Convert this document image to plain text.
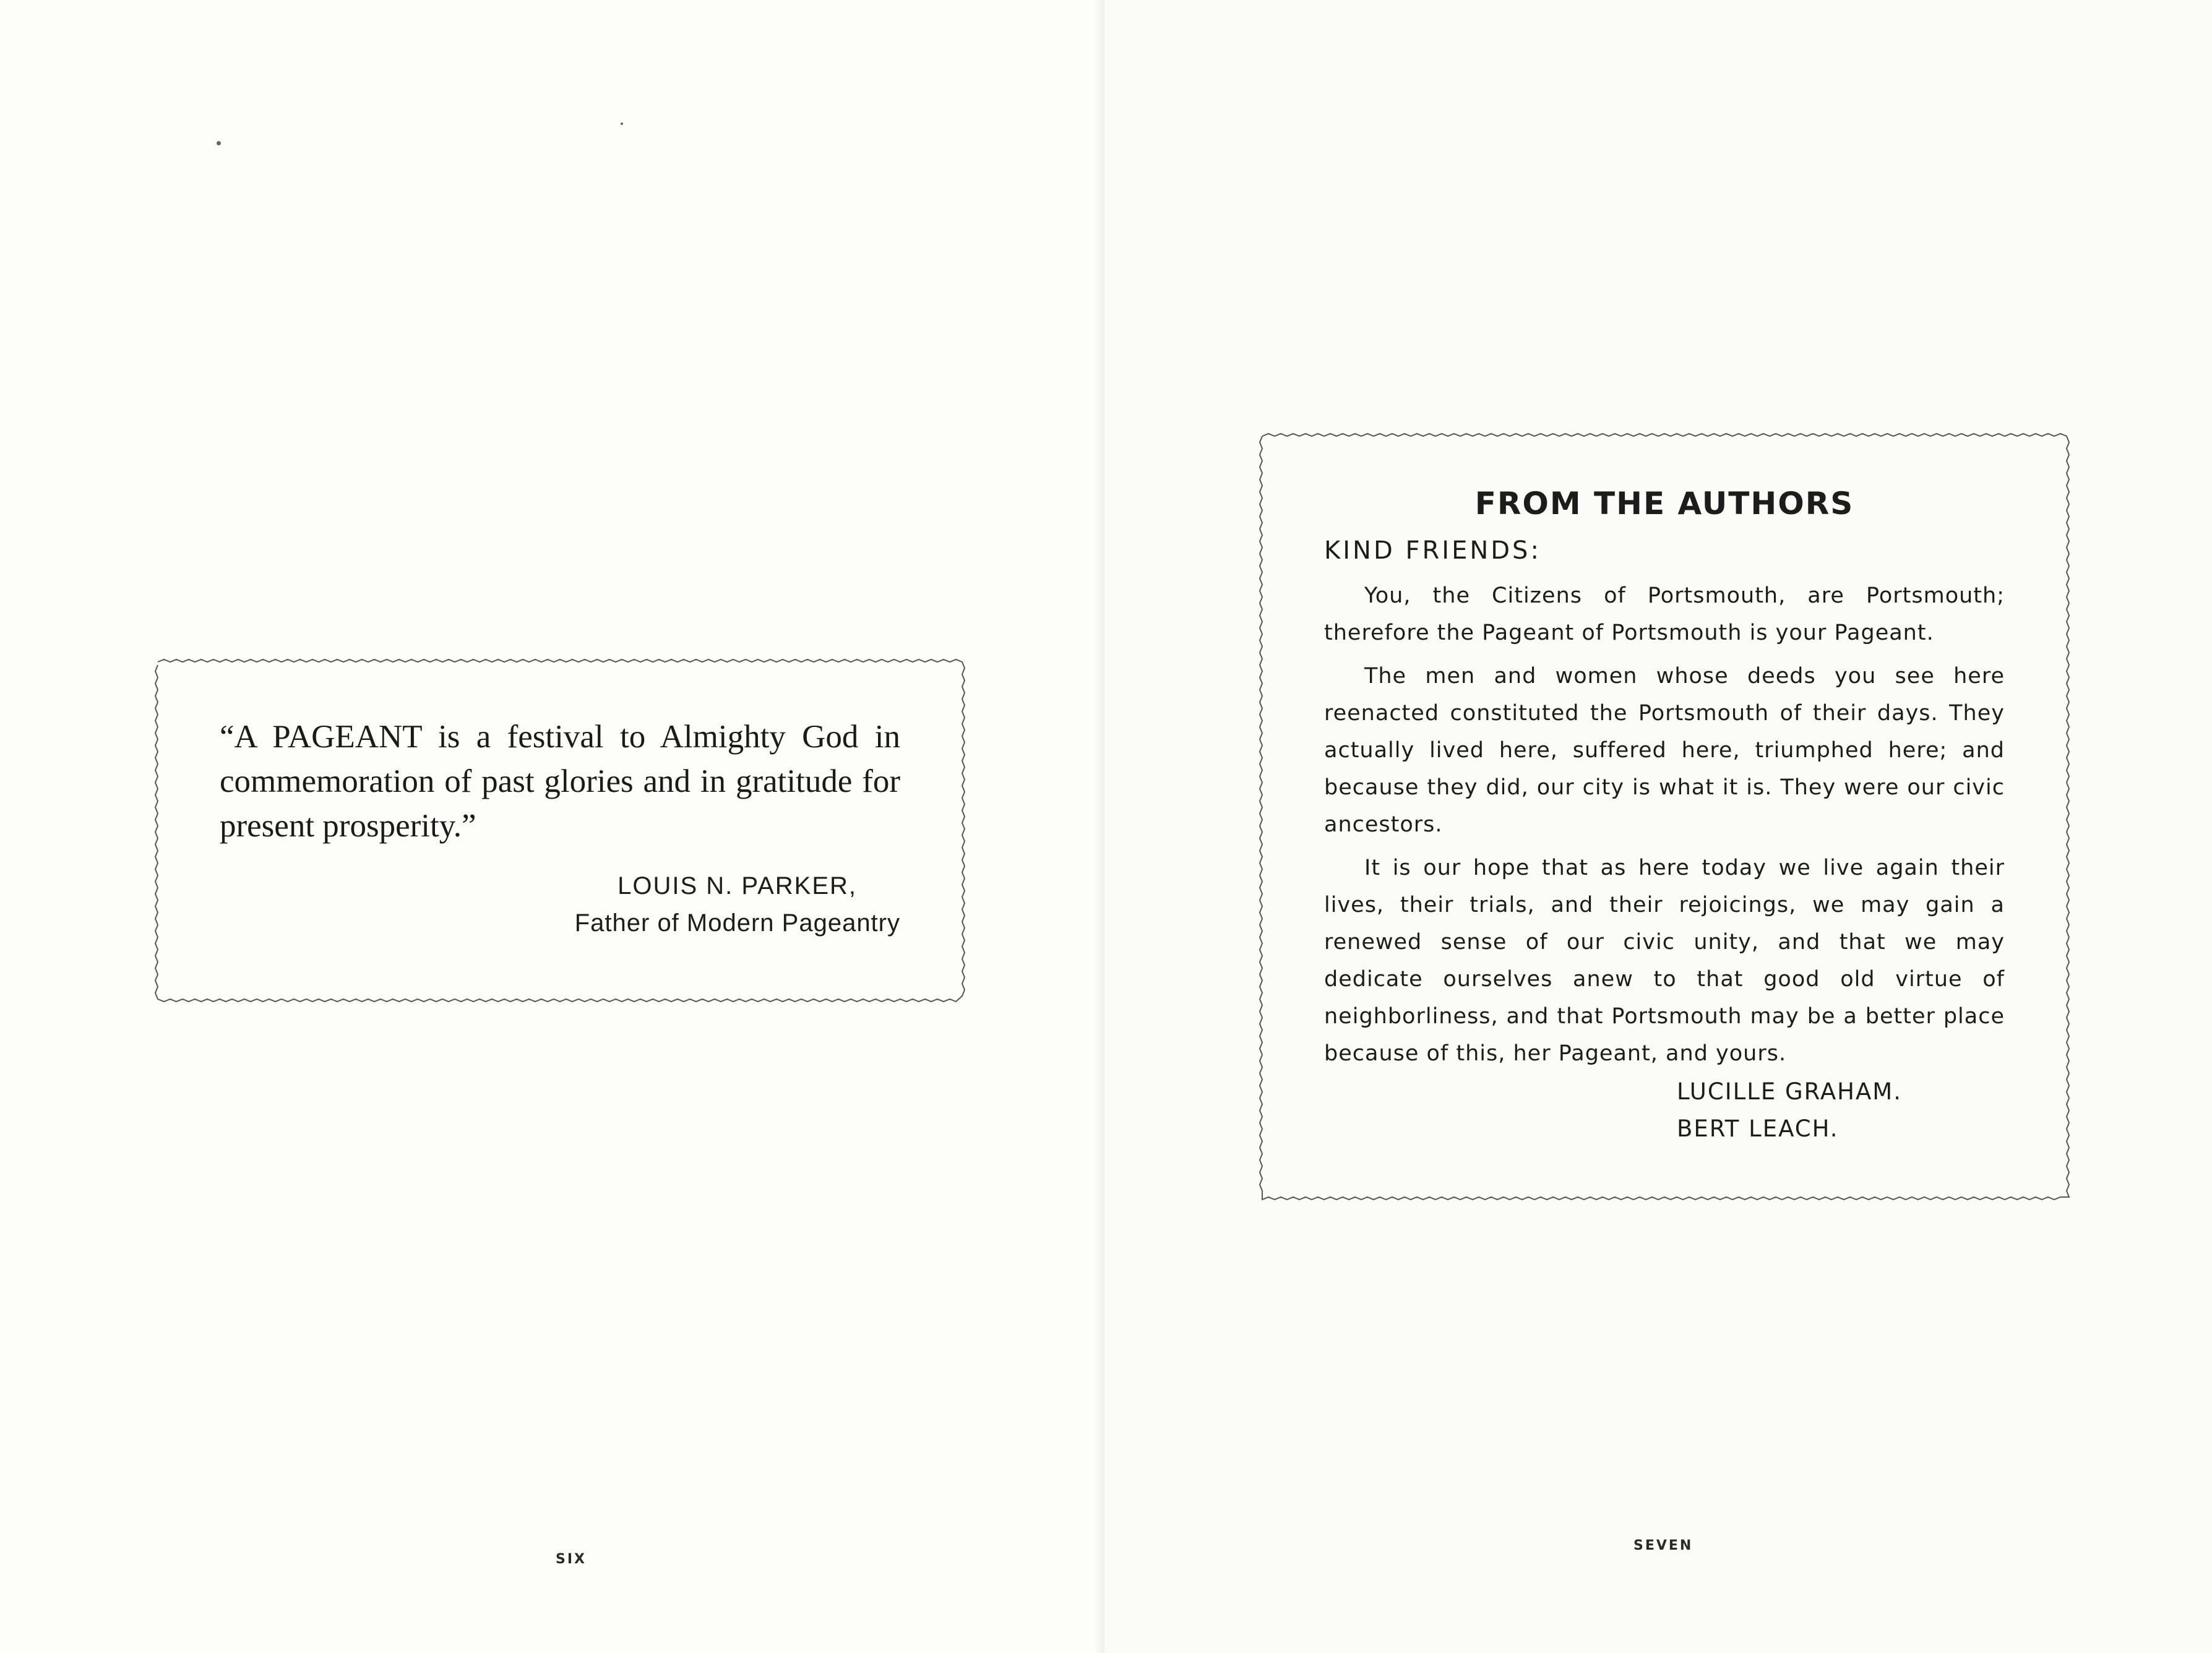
“A PAGEANT is a festival to Almighty God in commemoration of past glories and in gratitude for present prosperity.”
LOUIS N. PARKER,
Father of Modern Pageantry
SIX
FROM THE AUTHORS
KIND FRIENDS:

You, the Citizens of Portsmouth, are Portsmouth; therefore the Pageant of Portsmouth is your Pageant.

The men and women whose deeds you see here reenacted constituted the Portsmouth of their days. They actually lived here, suffered here, triumphed here; and because they did, our city is what it is. They were our civic ancestors.

It is our hope that as here today we live again their lives, their trials, and their rejoicings, we may gain a renewed sense of our civic unity, and that we may dedicate ourselves anew to that good old virtue of neighborliness, and that Portsmouth may be a better place because of this, her Pageant, and yours.

LUCILLE GRAHAM.
BERT LEACH.
SEVEN
